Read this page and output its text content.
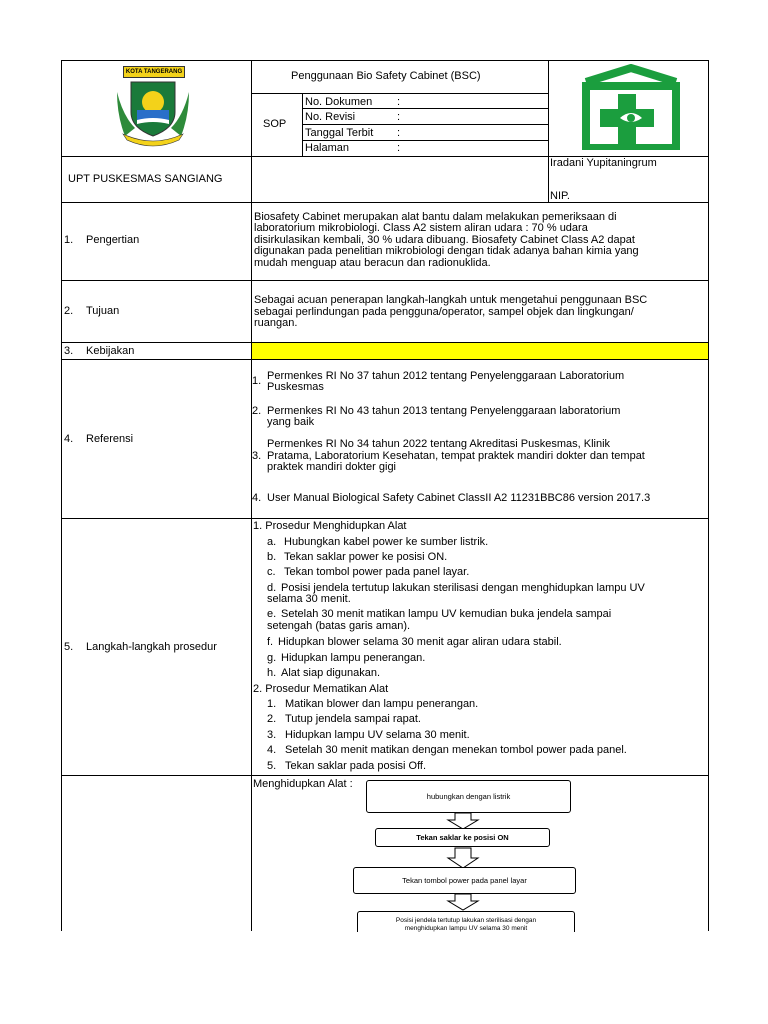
KOTA TANGERANG	Penggunaan Bio Safety Cabinet (BSC)
SOP
No. Dokumen :
No. Revisi	:
Tanggal Terbit :
Halaman	:
UPT PUSKESMAS SANGIANG
Iradani Yupitaningrum
NIP.
1. Pengertian
Biosafety Cabinet merupakan alat bantu dalam melakukan pemeriksaan di
laboratorium mikrobiologi. Class A2 sistem aliran udara : 70 % udara
disirkulasikan kembali, 30 % udara dibuang. Biosafety Cabinet Class A2 dapat
digunakan pada penelitian mikrobiologi dengan tidak adanya bahan kimia yang
mudah menguap atau beracun dan radionuklida.
2. Tujuan
Sebagai acuan penerapan langkah-langkah untuk mengetahui penggunaan BSC
sebagai perlindungan pada pengguna/operator, sampel objek dan lingkungan/
ruangan.
3. Kebijakan
4. Referensi
1. Permenkes RI No 37 tahun 2012 tentang Penyelenggaraan Laboratorium
Puskesmas
2. Permenkes RI No 43 tahun 2013 tentang Penyelenggaraan laboratorium
yang baik
3.
Permenkes RI No 34 tahun 2022 tentang Akreditasi Puskesmas, Klinik
Pratama, Laboratorium Kesehatan, tempat praktek mandiri dokter dan tempat
praktek mandiri dokter gigi
4. User Manual Biological Safety Cabinet ClassII A2 11231BBC86 version 2017.3
5. Langkah-langkah prosedur
1. Prosedur Menghidupkan Alat
a. Hubungkan kabel power ke sumber listrik.
b. Tekan saklar power ke posisi ON.
c. Tekan tombol power pada panel layar.
d. Posisi jendela tertutup lakukan sterilisasi dengan menghidupkan lampu UV
selama 30 menit.
e. Setelah 30 menit matikan lampu UV kemudian buka jendela sampai
setengah (batas garis aman).
f. Hidupkan blower selama 30 menit agar aliran udara stabil.
g. Hidupkan lampu penerangan.
h. Alat siap digunakan.
2. Prosedur Mematikan Alat
1. Matikan blower dan lampu penerangan.
2. Tutup jendela sampai rapat.
3. Hidupkan lampu UV selama 30 menit.
4. Setelah 30 menit matikan dengan menekan tombol power pada panel.
5. Tekan saklar pada posisi Off.
Menghidupkan Alat :
hubungkan dengan listrik
Tekan saklar ke posisi ON
Tekan tombol power pada panel layar
Posisi jendela tertutup lakukan sterilisasi dengan menghidupkan lampu UV selama 30 menit
